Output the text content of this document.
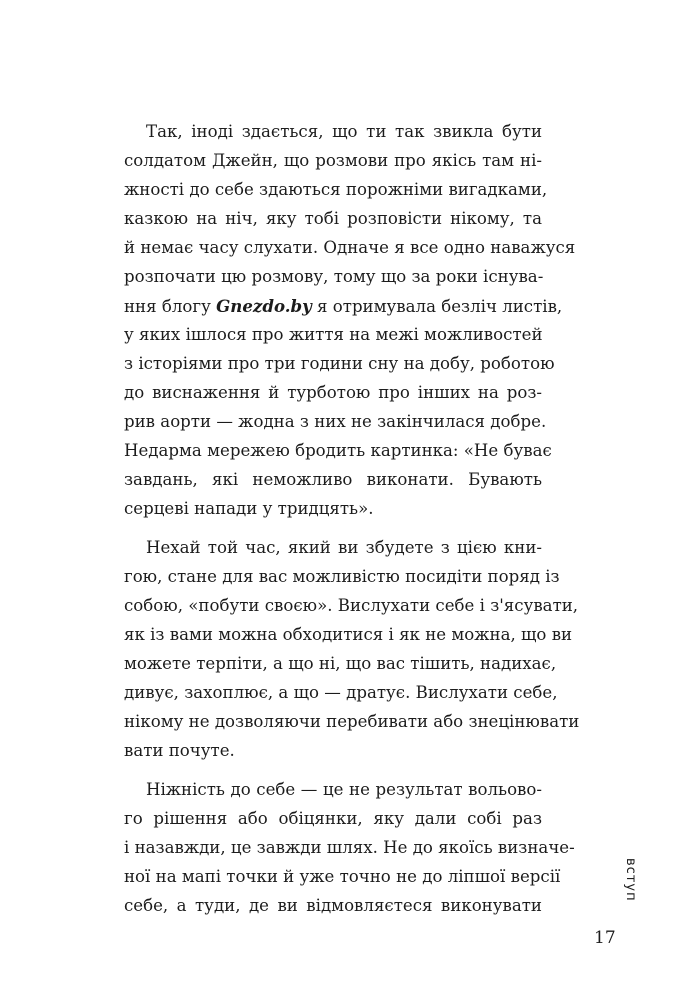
Так, іноді здається, що ти так звикла бути
солдатом Джейн, що розмови про якісь там ні-
жності до себе здаються порожніми вигадками,
казкою на ніч, яку тобі розповісти нікому, та
й немає часу слухати. Одначе я все одно наважуся
розпочати цю розмову, тому що за роки існува-
ння блогу Gnezdo.by я отримувала безліч листів,
у яких ішлося про життя на межі можливостей
з історіями про три години сну на добу, роботою
до виснаження й турботою про інших на роз-
рив аорти — жодна з них не закінчилася добре.
Недарма мережею бродить картинка: «Не буває
завдань, які неможливо виконати. Бувають
серцеві напади у тридцять».
Нехай той час, який ви збудете з цією кни-
гою, стане для вас можливістю посидіти поряд із
собою, «побути своєю». Вислухати себе і з'ясувати,
як із вами можна обходитися і як не можна, що ви
можете терпіти, а що ні, що вас тішить, надихає,
дивує, захоплює, а що — дратує. Вислухати себе,
нікому не дозволяючи перебивати або знецінювати
вати почуте.
Ніжність до себе — це не результат вольово-
го рішення або обіцянки, яку дали собі раз
і назавжди, це завжди шлях. Не до якоїсь визначе-
ної на мапі точки й уже точно не до ліпшої версії
себе, а туди, де ви відмовляєтеся виконувати
вступ
17
